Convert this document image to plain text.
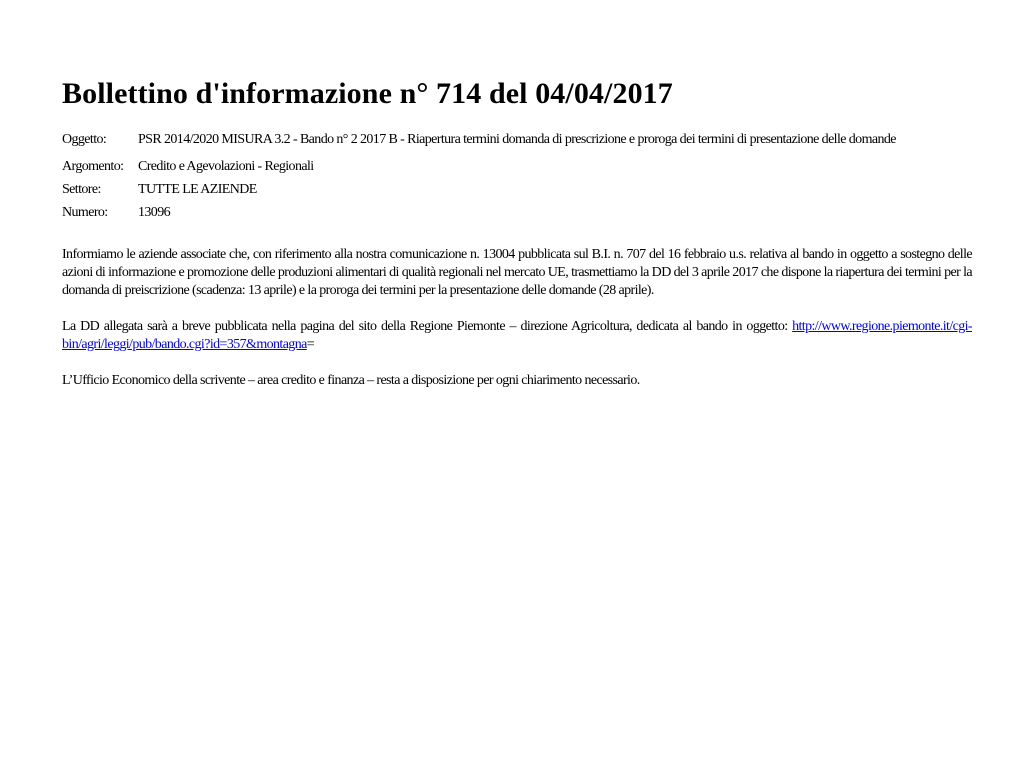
Bollettino d'informazione n° 714 del 04/04/2017
Oggetto:	PSR 2014/2020 MISURA 3.2 - Bando n° 2 2017 B - Riapertura termini domanda di prescrizione e proroga dei termini di presentazione delle domande
Argomento:	Credito e Agevolazioni - Regionali
Settore:	TUTTE LE AZIENDE
Numero:	13096

Informiamo le aziende associate che, con riferimento alla nostra comunicazione n. 13004 pubblicata sul B.I. n. 707 del 16 febbraio u.s. relativa al bando in oggetto a sostegno delle azioni di informazione e promozione delle produzioni alimentari di qualità regionali nel mercato UE, trasmettiamo la DD del 3 aprile 2017 che dispone la riapertura dei termini per la domanda di preiscrizione (scadenza: 13 aprile) e la proroga dei termini per la presentazione delle domande (28 aprile).

La DD allegata sarà a breve pubblicata nella pagina del sito della Regione Piemonte – direzione Agricoltura, dedicata al bando in oggetto: http://www.regione.piemonte.it/cgi-bin/agri/leggi/pub/bando.cgi?id=357&montagna=

L’Ufficio Economico della scrivente – area credito e finanza – resta a disposizione per ogni chiarimento necessario.
